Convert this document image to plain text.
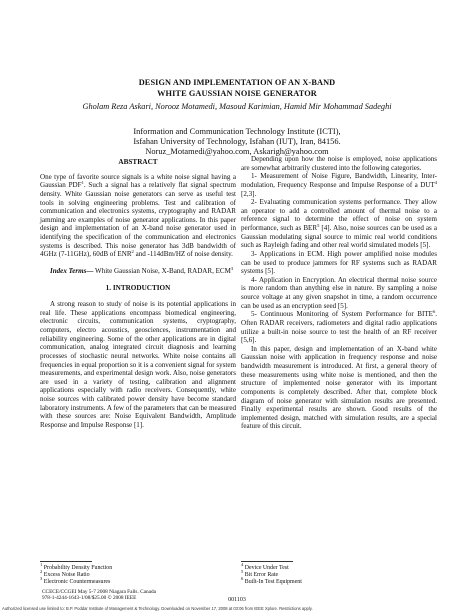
DESIGN AND IMPLEMENTATION OF AN X-BAND
WHITE GAUSSIAN NOISE GENERATOR
Gholam Reza Askari, Norooz Motamedi, Masoud Karimian, Hamid Mir Mohammad Sadeghi
Information and Communication Technology Institute (ICTI),
Isfahan University of Technology, Isfahan (IUT), Iran, 84156.
Noruz_Motamedi@yahoo.com, Askarigh@yahoo.com

ABSTRACT

One type of favorite source signals is a white noise signal having a Gaussian PDF$^1$. Such a signal has a relatively flat signal spectrum density. White Gaussian noise generators can serve as useful test tools in solving engineering problems. Test and calibration of communication and electronics systems, cryptography and RADAR jamming are examples of noise generator applications. In this paper design and implementation of an X-band noise generator used in identifying the specification of the communication and electronics systems is described. This noise generator has 3dB bandwidth of 4GHz (7-11GHz), 60dB of ENR$^2$ and -114dBm/HZ of noise density.

Index Terms— White Gaussian Noise, X-Band, RADAR, ECM$^3$

1. INTRODUCTION

A strong reason to study of noise is its potential applications in real life. These applications encompass biomedical engineering, electronic circuits, communication systems, cryptography, computers, electro acoustics, geosciences, instrumentation and reliability engineering. Some of the other applications are in digital communication, analog integrated circuit diagnosis and learning processes of stochastic neural networks. White noise contains all frequencies in equal proportion so it is a convenient signal for system measurements, and experimental design work. Also, noise generators are used in a variety of testing, calibration and alignment applications especially with radio receivers. Consequently, white noise sources with calibrated power density have become standard laboratory instruments. A few of the parameters that can be measured with these sources are: Noise Equivalent Bandwidth, Amplitude Response and Impulse Response [1].

Depending upon how the noise is employed, noise applications are somewhat arbitrarily clustered into the following categories.

1- Measurement of Noise Figure, Bandwidth, Linearity, Inter-modulation, Frequency Response and Impulse Response of a DUT$^4$ [2,3].

2- Evaluating communication systems performance. They allow an operator to add a controlled amount of thermal noise to a reference signal to determine the effect of noise on system performance, such as BER$^5$ [4]. Also, noise sources can be used as a Gaussian modulating signal source to mimic real world conditions such as Rayleigh fading and other real world simulated models [5].

3- Applications in ECM. High power amplified noise modules can be used to produce jammers for RF systems such as RADAR systems [5].

4- Application in Encryption. An electrical thermal noise source is more random than anything else in nature. By sampling a noise source voltage at any given snapshot in time, a random occurrence can be used as an encryption seed [5].

5- Continuous Monitoring of System Performance for BITE$^6$. Often RADAR receivers, radiometers and digital radio applications utilize a built-in noise source to test the health of an RF receiver [5,6].

In this paper, design and implementation of an X-band white Gaussian noise with application in frequency response and noise bandwidth measurement is introduced. At first, a general theory of these measurements using white noise is mentioned, and then the structure of implemented noise generator with its important components is completely described. After that, complete block diagram of noise generator with simulation results are presented. Finally experimental results are shown. Good results of the implemented design, matched with simulation results, are a special feature of this circuit.

$^1$ Probability Density Function

$^2$ Excess Noise Ratio

$^3$ Electronic Countermeasures

$^4$ Device Under Test

$^5$ Bit Error Rate

$^6$ Built-In Test Equipment

CCECE/CCGEI May 5-7 2008 Niagara Falls. Canada
978-1-4244-1643-1/08/$25.00 © 2008 IEEE	001103
Authorized licensed use limited to: B.P. Poddar Institute of Management & Technology. Downloaded on November 17, 2008 at 03:06 from IEEE Xplore. Restrictions apply.
